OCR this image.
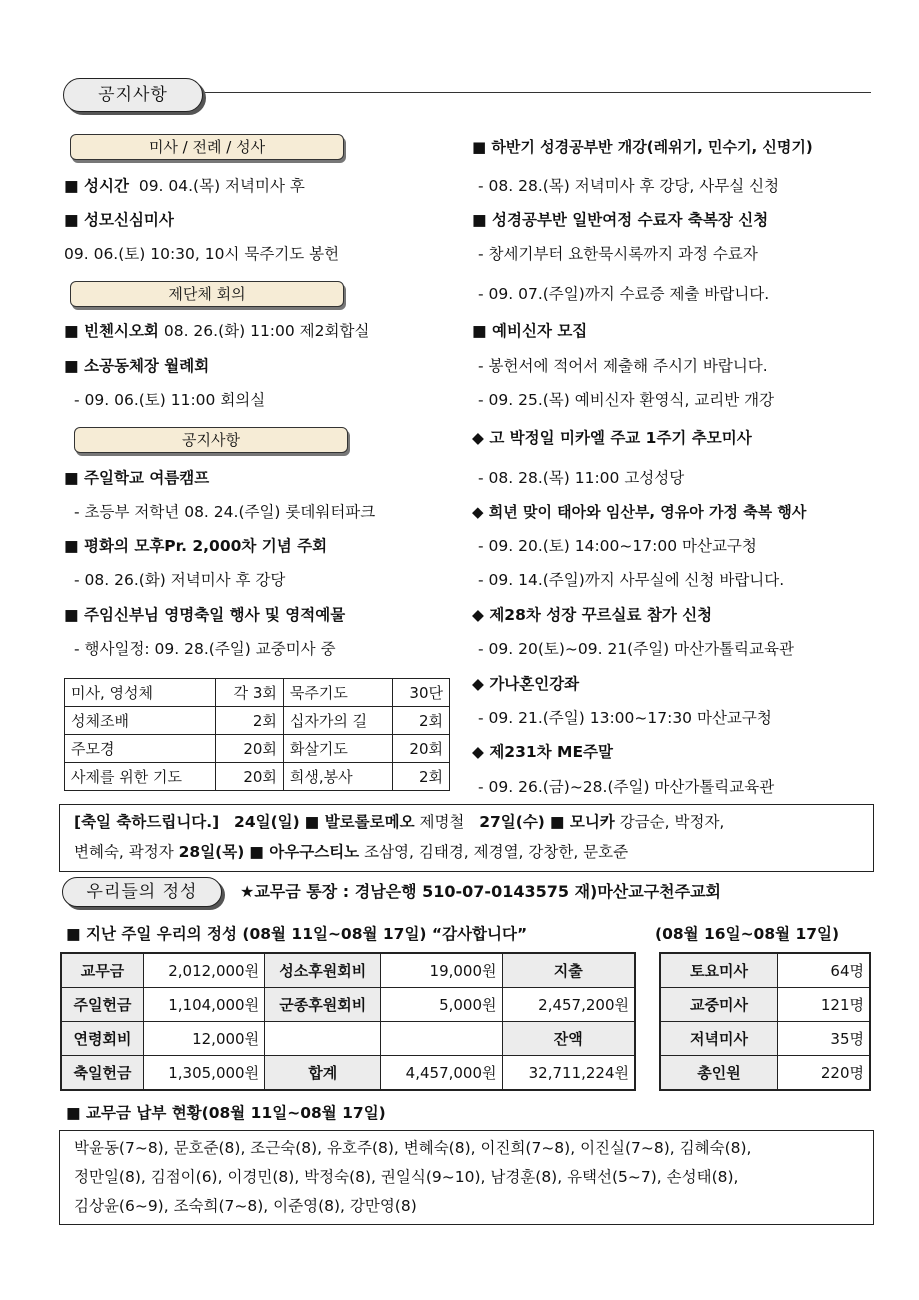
공지사항
미사 / 전례 / 성사
■ 성시간 09. 04.(목) 저녁미사 후
■ 성모신심미사
09. 06.(토) 10:30, 10시 묵주기도 봉헌
제단체 회의
■ 빈첸시오회 08. 26.(화) 11:00 제2회합실
■ 소공동체장 월례회
- 09. 06.(토) 11:00 회의실
공지사항
■ 주일학교 여름캠프
- 초등부 저학년 08. 24.(주일) 롯데워터파크
■ 평화의 모후Pr. 2,000차 기념 주회
- 08. 26.(화) 저녁미사 후 강당
■ 주임신부님 영명축일 행사 및 영적예물
- 행사일정: 09. 28.(주일) 교중미사 중
미사, 영성체	각 3회	묵주기도	30단
성체조배	2회	십자가의 길	2회
주모경	20회	화살기도	20회
사제를 위한 기도	20회	희생,봉사	2회
■ 하반기 성경공부반 개강(레위기, 민수기, 신명기)
- 08. 28.(목) 저녁미사 후 강당, 사무실 신청
■ 성경공부반 일반여정 수료자 축복장 신청
- 창세기부터 요한묵시록까지 과정 수료자
- 09. 07.(주일)까지 수료증 제출 바랍니다.
■ 예비신자 모집
- 봉헌서에 적어서 제출해 주시기 바랍니다.
- 09. 25.(목) 예비신자 환영식, 교리반 개강
◆ 고 박정일 미카엘 주교 1주기 추모미사
- 08. 28.(목) 11:00 고성성당
◆ 희년 맞이 태아와 임산부, 영유아 가정 축복 행사
- 09. 20.(토) 14:00~17:00 마산교구청
- 09. 14.(주일)까지 사무실에 신청 바랍니다.
◆ 제28차 성장 꾸르실료 참가 신청
- 09. 20(토)~09. 21(주일) 마산가톨릭교육관
◆ 가나혼인강좌
- 09. 21.(주일) 13:00~17:30 마산교구청
◆ 제231차 ME주말
- 09. 26.(금)~28.(주일) 마산가톨릭교육관
[축일 축하드립니다.] 24일(일) ■ 발로롤로메오 제명철 27일(수) ■ 모니카 강금순, 박정자,
변혜숙, 곽정자 28일(목) ■ 아우구스티노 조삼영, 김태경, 제경열, 강창한, 문호준
우리들의 정성	★교무금 통장 : 경남은행 510-07-0143575 재)마산교구천주교회
■ 지난 주일 우리의 정성 (08월 11일~08월 17일) “감사합니다”	(08월 16일~08월 17일)
교무금	2,012,000원	성소후원회비	19,000원	지출
주일헌금	1,104,000원	군종후원회비	5,000원	2,457,200원
연령회비	12,000원			잔액
축일헌금	1,305,000원	합계	4,457,000원	32,711,224원
토요미사	64명
교중미사	121명
저녁미사	35명
총인원	220명
■ 교무금 납부 현황(08월 11일~08월 17일)
박윤동(7~8), 문호준(8), 조근숙(8), 유호주(8), 변혜숙(8), 이진희(7~8), 이진실(7~8), 김혜숙(8),
정만일(8), 김점이(6), 이경민(8), 박정숙(8), 권일식(9~10), 남경훈(8), 유택선(5~7), 손성태(8),
김상윤(6~9), 조숙희(7~8), 이준영(8), 강만영(8)
